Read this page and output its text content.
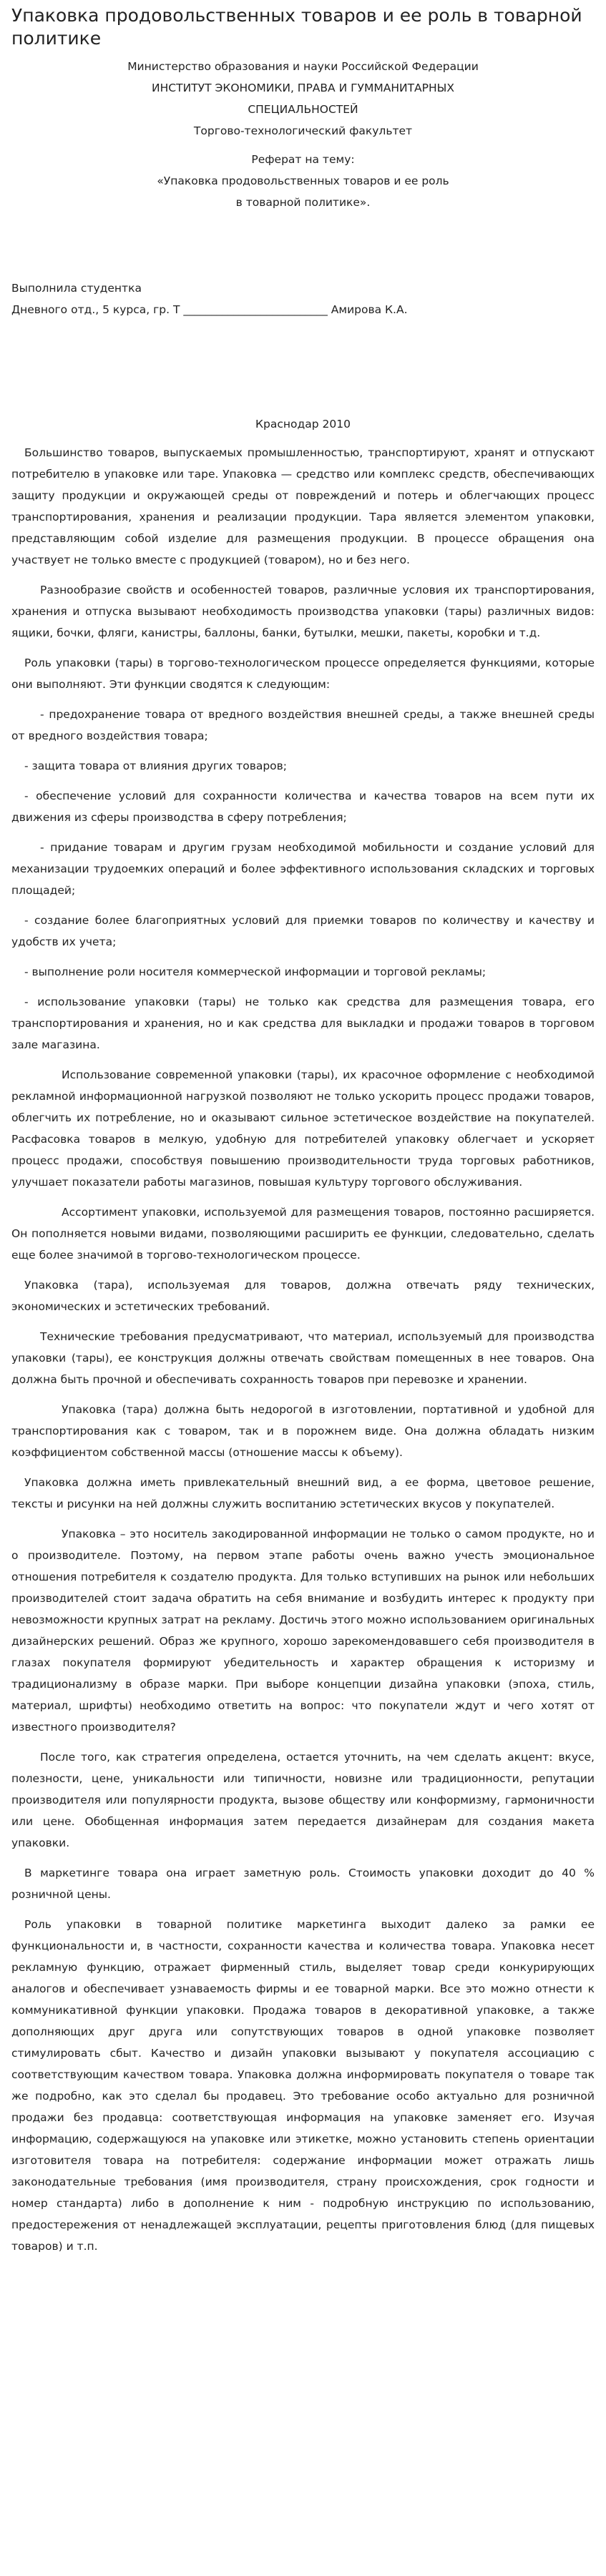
Упаковка продовольственных товаров и ее роль в товарной политике

Министерство образования и науки Российской Федерации

ИНСТИТУТ ЭКОНОМИКИ, ПРАВА И ГУММАНИТАРНЫХ

СПЕЦИАЛЬНОСТЕЙ

Торгово-технологический факультет

Реферат на тему:

«Упаковка продовольственных товаров и ее роль

в товарной политике».

Выполнила студентка

Дневного отд., 5 курса, гр. Т __________________________ Амирова К.А.

Краснодар 2010

Большинство товаров, выпускаемых промышленностью, транспортируют, хранят и отпускают потребителю в упаковке или таре. Упаковка — средство или комплекс средств, обеспечивающих защиту продукции и окружающей среды от повреждений и потерь и облегчающих процесс транспортирования, хранения и реализации продукции. Тара является элементом упаковки, представляющим собой изделие для размещения продукции. В процессе обращения она участвует не только вместе с продукцией (товаром), но и без него.

Разнообразие свойств и особенностей товаров, различные условия их транспортирования, хранения и отпуска вызывают необходимость производства упаковки (тары) различных видов: ящики, бочки, фляги, канистры, баллоны, банки, бутылки, мешки, пакеты, коробки и т.д.

Роль упаковки (тары) в торгово-технологическом процессе определяется функциями, которые они выполняют. Эти функции сводятся к следующим:

- предохранение товара от вредного воздействия внешней среды, а также внешней среды от вредного воздействия товара;

- защита товара от влияния других товаров;

- обеспечение условий для сохранности количества и качества товаров на всем пути их движения из сферы производства в сферу потребления;

- придание товарам и другим грузам необходимой мобильности и создание условий для механизации трудоемких операций и более эффективного использования складских и торговых площадей;

- создание более благоприятных условий для приемки товаров по количеству и качеству и удобств их учета;

- выполнение роли носителя коммерческой информации и торговой рекламы;

- использование упаковки (тары) не только как средства для размещения товара, его транспортирования и хранения, но и как средства для выкладки и продажи товаров в торговом зале магазина.

Использование современной упаковки (тары), их красочное оформление с необходимой рекламной информационной нагрузкой позволяют не только ускорить процесс продажи товаров, облегчить их потребление, но и оказывают сильное эстетическое воздействие на покупателей. Расфасовка товаров в мелкую, удобную для потребителей упаковку облегчает и ускоряет процесс продажи, способствуя повышению производительности труда торговых работников, улучшает показатели работы магазинов, повышая культуру торгового обслуживания.

Ассортимент упаковки, используемой для размещения товаров, постоянно расширяется. Он пополняется новыми видами, позволяющими расширить ее функции, следовательно, сделать еще более значимой в торгово-технологическом процессе.

Упаковка (тара), используемая для товаров, должна отвечать ряду технических, экономических и эстетических требований.

Технические требования предусматривают, что материал, используемый для производства упаковки (тары), ее конструкция должны отвечать свойствам помещенных в нее товаров. Она должна быть прочной и обеспечивать сохранность товаров при перевозке и хранении.

Упаковка (тара) должна быть недорогой в изготовлении, портативной и удобной для транспортирования как с товаром, так и в порожнем виде. Она должна обладать низким коэффициентом собственной массы (отношение массы к объему).

Упаковка должна иметь привлекательный внешний вид, а ее форма, цветовое решение, тексты и рисунки на ней должны служить воспитанию эстетических вкусов у покупателей.

Упаковка – это носитель закодированной информации не только о самом продукте, но и о производителе. Поэтому, на первом этапе работы очень важно учесть эмоциональное отношения потребителя к создателю продукта. Для только вступивших на рынок или небольших производителей стоит задача обратить на себя внимание и возбудить интерес к продукту при невозможности крупных затрат на рекламу. Достичь этого можно использованием оригинальных дизайнерских решений. Образ же крупного, хорошо зарекомендовавшего себя производителя в глазах покупателя формируют убедительность и характер обращения к историзму и традиционализму в образе марки. При выборе концепции дизайна упаковки (эпоха, стиль, материал, шрифты) необходимо ответить на вопрос: что покупатели ждут и чего хотят от известного производителя?

После того, как стратегия определена, остается уточнить, на чем сделать акцент: вкусе, полезности, цене, уникальности или типичности, новизне или традиционности, репутации производителя или популярности продукта, вызове обществу или конформизму, гармоничности или цене. Обобщенная информация затем передается дизайнерам для создания макета упаковки.

В маркетинге товара она играет заметную роль. Стоимость упаковки доходит до 40 % розничной цены.

Роль упаковки в товарной политике маркетинга выходит далеко за рамки ее функциональности и, в частности, сохранности качества и количества товара. Упаковка несет рекламную функцию, отражает фирменный стиль, выделяет товар среди конкурирующих аналогов и обеспечивает узнаваемость фирмы и ее товарной марки. Все это можно отнести к коммуникативной функции упаковки. Продажа товаров в декоративной упаковке, а также дополняющих друг друга или сопутствующих товаров в одной упаковке позволяет стимулировать сбыт. Качество и дизайн упаковки вызывают у покупателя ассоциацию с соответствующим качеством товара. Упаковка должна информировать покупателя о товаре так же подробно, как это сделал бы продавец. Это требование особо актуально для розничной продажи без продавца: соответствующая информация на упаковке заменяет его. Изучая информацию, содержащуюся на упаковке или этикетке, можно установить степень ориентации изготовителя товара на потребителя: содержание информации может отражать лишь законодательные требования (имя производителя, страну происхождения, срок годности и номер стандарта) либо в дополнение к ним - подробную инструкцию по использованию, предостережения от ненадлежащей эксплуатации, рецепты приготовления блюд (для пищевых товаров) и т.п.
